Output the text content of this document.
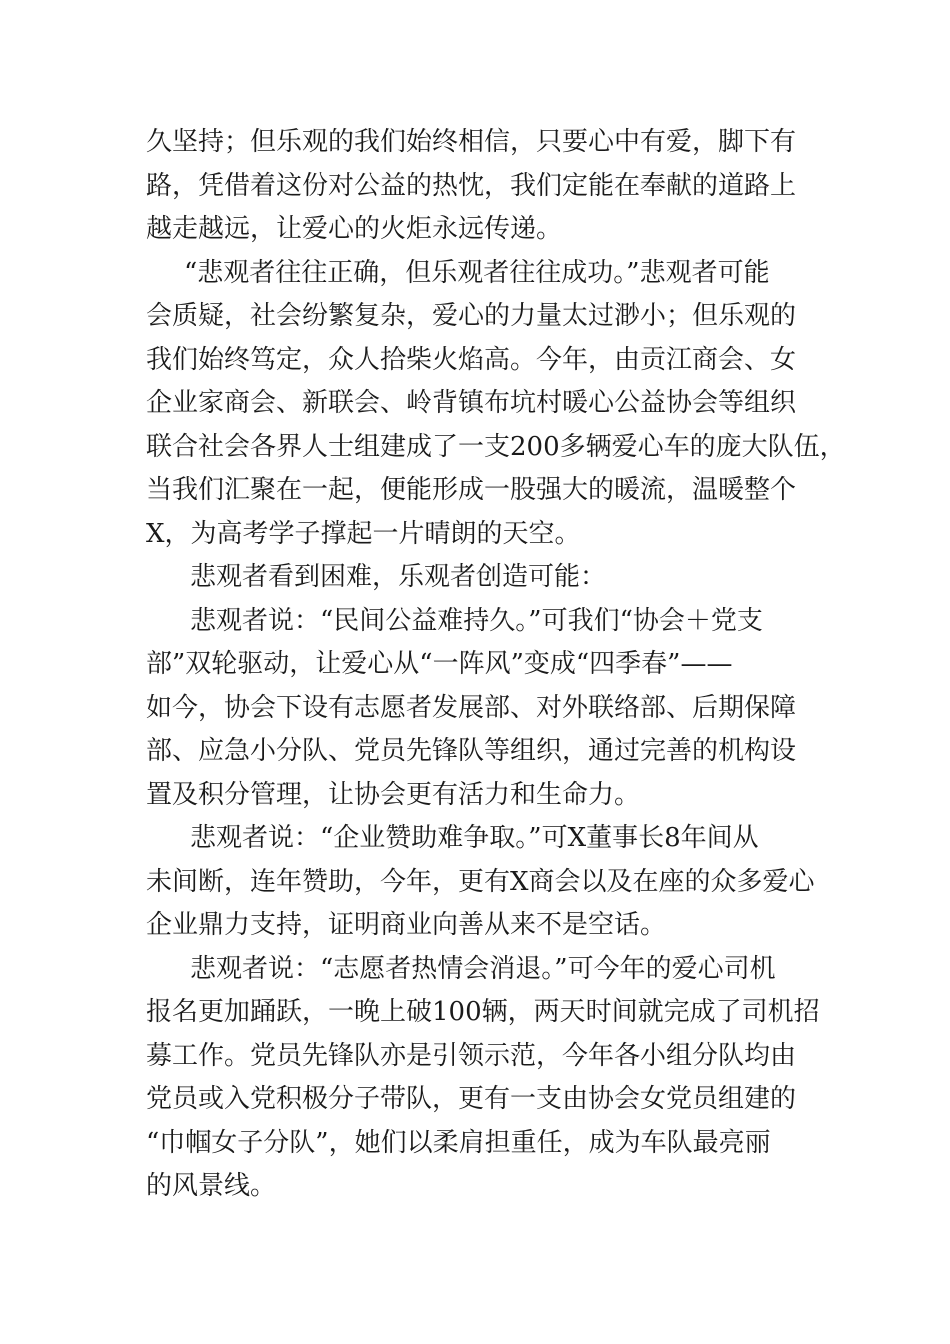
久坚持；但乐观的我们始终相信，只要心中有爱，脚下有
路，凭借着这份对公益的热忱，我们定能在奉献的道路上
越走越远，让爱心的火炬永远传递。
“悲观者往往正确，但乐观者往往成功。”悲观者可能
会质疑，社会纷繁复杂，爱心的力量太过渺小；但乐观的
我们始终笃定，众人拾柴火焰高。今年，由贡江商会、女
企业家商会、新联会、岭背镇布坑村暖心公益协会等组织
联合社会各界人士组建成了一支200多辆爱心车的庞大队伍，
当我们汇聚在一起，便能形成一股强大的暖流，温暖整个
X，为高考学子撑起一片晴朗的天空。
悲观者看到困难，乐观者创造可能：
悲观者说：“民间公益难持久。”可我们“协会＋党支
部”双轮驱动，让爱心从“一阵风”变成“四季春”——
如今，协会下设有志愿者发展部、对外联络部、后期保障
部、应急小分队、党员先锋队等组织，通过完善的机构设
置及积分管理，让协会更有活力和生命力。
悲观者说：“企业赞助难争取。”可X董事长8年间从
未间断，连年赞助，今年，更有X商会以及在座的众多爱心
企业鼎力支持，证明商业向善从来不是空话。
悲观者说：“志愿者热情会消退。”可今年的爱心司机
报名更加踊跃，一晚上破100辆，两天时间就完成了司机招
募工作。党员先锋队亦是引领示范，今年各小组分队均由
党员或入党积极分子带队，更有一支由协会女党员组建的
“巾帼女子分队”，她们以柔肩担重任，成为车队最亮丽
的风景线。
